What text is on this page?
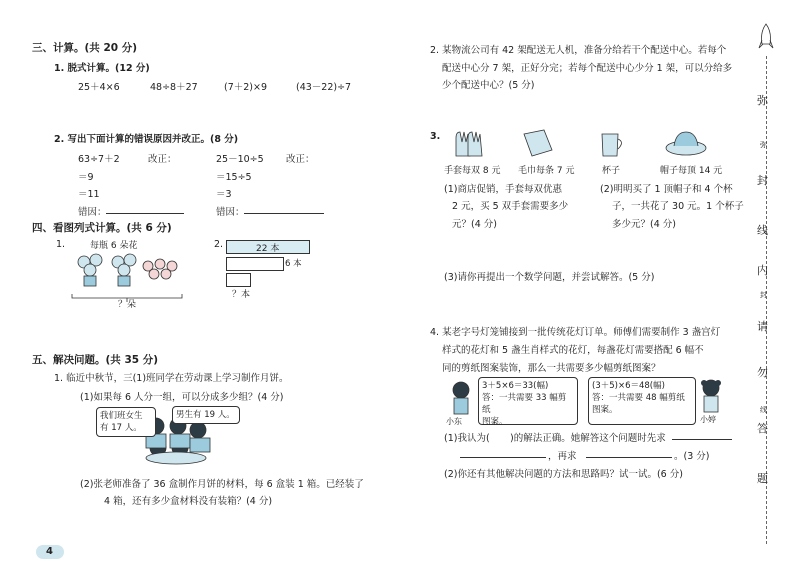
三、计算。(共 20 分)
1. 脱式计算。(12 分)
25＋4×6	48÷8＋27	(7＋2)×9	(43－22)÷7
2. 写出下面计算的错误原因并改正。(8 分)
63÷7＋2
＝9
＝11
改正：	25－10÷5
＝15÷5
＝3
改正：
错因：	错因：
四、看图列式计算。(共 6 分)
1.	每瓶 6 朵花
？朵
2.	22 本
6 本
？本
五、解决问题。(共 35 分)
1. 临近中秋节，三(1)班同学在劳动课上学习制作月饼。
(1)如果每 6 人分一组，可以分成多少组？(4 分)
我们班女生
有 17 人。
男生有 19 人。
(2)张老师准备了 36 盒制作月饼的材料，每 6 盒装 1 箱。已经装了
4 箱，还有多少盒材料没有装箱？(4 分)
4
2. 某物流公司有 42 架配送无人机，准备分给若干个配送中心。若每个
配送中心分 7 架，正好分完；若每个配送中心少分 1 架，可以分给多
少个配送中心？(5 分)
3.
手套每双 8 元 毛巾每条 7 元	杯子	帽子每顶 14 元
(1)商店促销，手套每双优惠
2 元，买 5 双手套需要多少
元？(4 分)
(2)明明买了 1 顶帽子和 4 个杯
子，一共花了 30 元。1 个杯子
多少元？(4 分)
(3)请你再提出一个数学问题，并尝试解答。(5 分)
4. 某老字号灯笼铺接到一批传统花灯订单。师傅们需要制作 3 盏宫灯
样式的花灯和 5 盏生肖样式的花灯，每盏花灯需要搭配 6 幅不
同的剪纸图案装饰，那么一共需要多少幅剪纸图案？
小东
3＋5×6＝33(幅)
答：一共需要 33 幅剪纸
图案。
(3＋5)×6＝48(幅)
答：一共需要 48 幅剪纸
图案。
小婷
(1)我认为( )的解法正确。她解答这个问题时先求
，再求	。(3 分)
(2)你还有其他解决问题的方法和思路吗？试一试。(6 分)
弥
弥
封
线
内
封
请
勿
线
答
题
